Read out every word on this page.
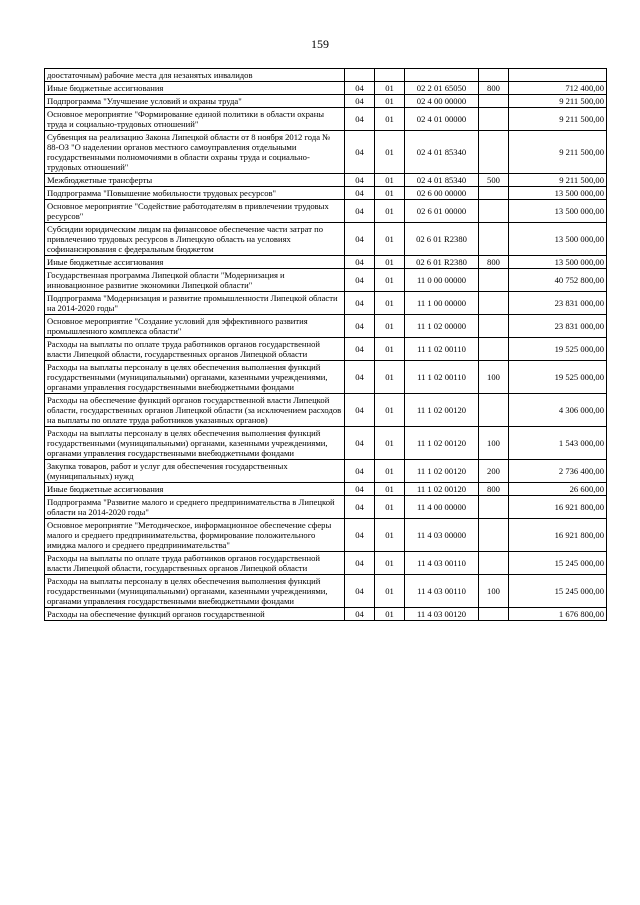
159
доостаточным) рабочие места для незанятых инвалидов					
Иные бюджетные ассигнования	04	01	02 2 01 65050	800	712 400,00
Подпрограмма "Улучшение условий и охраны труда"	04	01	02 4 00 00000		9 211 500,00
Основное мероприятие "Формирование единой политики в области охраны труда и социально-трудовых отношений"	04	01	02 4 01 00000		9 211 500,00
Субвенция на реализацию Закона Липецкой области от 8 ноября 2012 года № 88-ОЗ "О наделении органов местного самоуправления отдельными государственными полномочиями в области охраны труда и социально-трудовых отношений"	04	01	02 4 01 85340		9 211 500,00
Межбюджетные трансферты	04	01	02 4 01 85340	500	9 211 500,00
Подпрограмма "Повышение мобильности трудовых ресурсов"	04	01	02 6 00 00000		13 500 000,00
Основное мероприятие "Содействие работодателям в привлечении трудовых ресурсов"	04	01	02 6 01 00000		13 500 000,00
Субсидии юридическим лицам на финансовое обеспечение части затрат по привлечению трудовых ресурсов в Липецкую область на условиях софинансирования с федеральным бюджетом	04	01	02 6 01 R2380		13 500 000,00
Иные бюджетные ассигнования	04	01	02 6 01 R2380	800	13 500 000,00
Государственная программа Липецкой области "Модернизация и инновационное развитие экономики Липецкой области"	04	01	11 0 00 00000		40 752 800,00
Подпрограмма "Модернизация и развитие промышленности Липецкой области на 2014-2020 годы"	04	01	11 1 00 00000		23 831 000,00
Основное мероприятие "Создание условий для эффективного развития промышленного комплекса области"	04	01	11 1 02 00000		23 831 000,00
Расходы на выплаты по оплате труда работников органов государственной власти Липецкой области, государственных органов Липецкой области	04	01	11 1 02 00110		19 525 000,00
Расходы на выплаты персоналу в целях обеспечения выполнения функций государственными (муниципальными) органами, казенными учреждениями, органами управления государственными внебюджетными фондами	04	01	11 1 02 00110	100	19 525 000,00
Расходы на обеспечение функций органов государственной власти Липецкой области, государственных органов Липецкой области (за исключением расходов на выплаты по оплате труда работников указанных органов)	04	01	11 1 02 00120		4 306 000,00
Расходы на выплаты персоналу в целях обеспечения выполнения функций государственными (муниципальными) органами, казенными учреждениями, органами управления государственными внебюджетными фондами	04	01	11 1 02 00120	100	1 543 000,00
Закупка товаров, работ и услуг для обеспечения государственных (муниципальных) нужд	04	01	11 1 02 00120	200	2 736 400,00
Иные бюджетные ассигнования	04	01	11 1 02 00120	800	26 600,00
Подпрограмма "Развитие малого и среднего предпринимательства в Липецкой области на 2014-2020 годы"	04	01	11 4 00 00000		16 921 800,00
Основное мероприятие "Методическое, информационное обеспечение сферы малого и среднего предпринимательства, формирование положительного имиджа малого и среднего предпринимательства"	04	01	11 4 03 00000		16 921 800,00
Расходы на выплаты по оплате труда работников органов государственной власти Липецкой области, государственных органов Липецкой области	04	01	11 4 03 00110		15 245 000,00
Расходы на выплаты персоналу в целях обеспечения выполнения функций государственными (муниципальными) органами, казенными учреждениями, органами управления государственными внебюджетными фондами	04	01	11 4 03 00110	100	15 245 000,00
Расходы на обеспечение функций органов государственной	04	01	11 4 03 00120		1 676 800,00
